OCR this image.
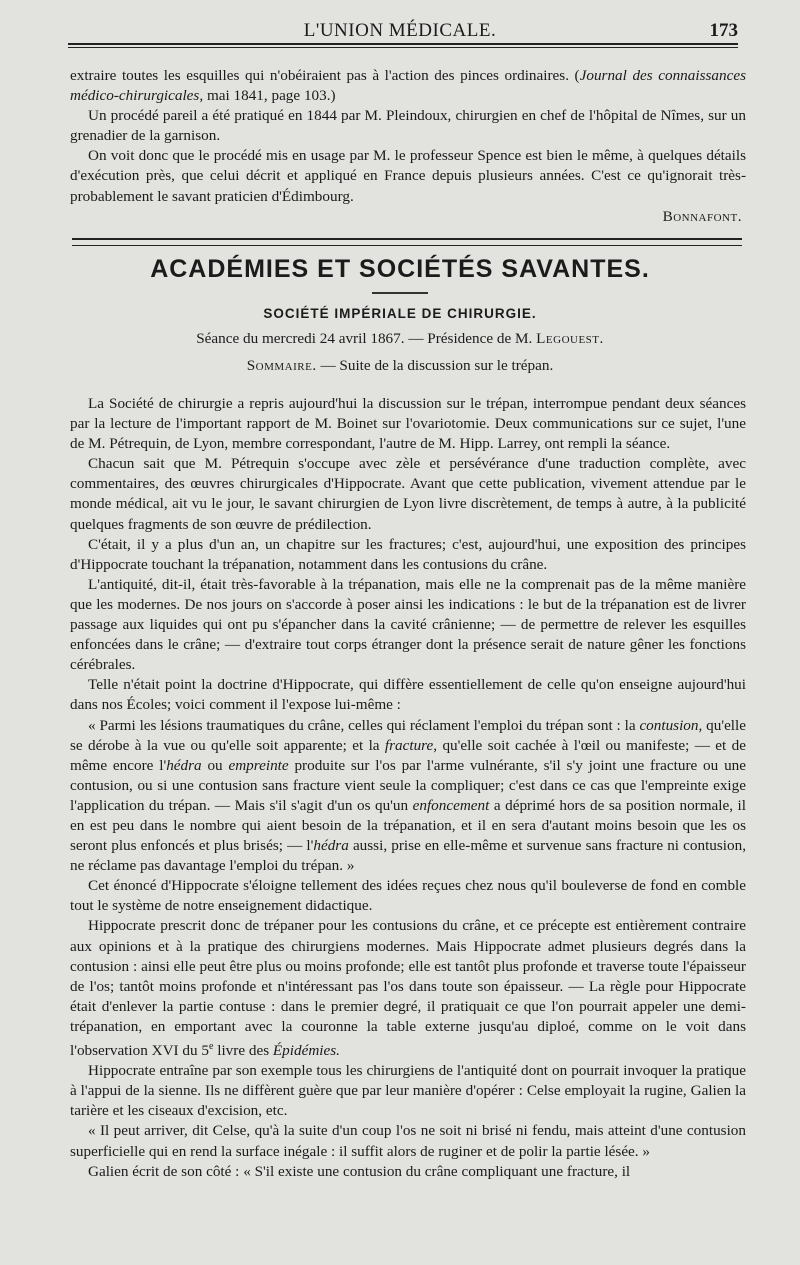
L'UNION MÉDICALE.	173

extraire toutes les esquilles qui n'obéiraient pas à l'action des pinces ordinaires. (Journal des connaissances médico-chirurgicales, mai 1841, page 103.)

Un procédé pareil a été pratiqué en 1844 par M. Pleindoux, chirurgien en chef de l'hôpital de Nîmes, sur un grenadier de la garnison.

On voit donc que le procédé mis en usage par M. le professeur Spence est bien le même, à quelques détails d'exécution près, que celui décrit et appliqué en France depuis plusieurs années. C'est ce qu'ignorait très-probablement le savant praticien d'Édimbourg.

Bonnafont.

ACADÉMIES ET SOCIÉTÉS SAVANTES.
SOCIÉTÉ IMPÉRIALE DE CHIRURGIE.
Séance du mercredi 24 avril 1867. — Présidence de M. Legouest.
Sommaire. — Suite de la discussion sur le trépan.

La Société de chirurgie a repris aujourd'hui la discussion sur le trépan, interrompue pendant deux séances par la lecture de l'important rapport de M. Boinet sur l'ovariotomie. Deux communications sur ce sujet, l'une de M. Pétrequin, de Lyon, membre correspondant, l'autre de M. Hipp. Larrey, ont rempli la séance.

Chacun sait que M. Pétrequin s'occupe avec zèle et persévérance d'une traduction complète, avec commentaires, des œuvres chirurgicales d'Hippocrate. Avant que cette publication, vivement attendue par le monde médical, ait vu le jour, le savant chirurgien de Lyon livre discrètement, de temps à autre, à la publicité quelques fragments de son œuvre de prédilection.

C'était, il y a plus d'un an, un chapitre sur les fractures; c'est, aujourd'hui, une exposition des principes d'Hippocrate touchant la trépanation, notamment dans les contusions du crâne.

L'antiquité, dit-il, était très-favorable à la trépanation, mais elle ne la comprenait pas de la même manière que les modernes. De nos jours on s'accorde à poser ainsi les indications : le but de la trépanation est de livrer passage aux liquides qui ont pu s'épancher dans la cavité crânienne; — de permettre de relever les esquilles enfoncées dans le crâne; — d'extraire tout corps étranger dont la présence serait de nature gêner les fonctions cérébrales.

Telle n'était point la doctrine d'Hippocrate, qui diffère essentiellement de celle qu'on enseigne aujourd'hui dans nos Écoles; voici comment il l'expose lui-même :

« Parmi les lésions traumatiques du crâne, celles qui réclament l'emploi du trépan sont : la contusion, qu'elle se dérobe à la vue ou qu'elle soit apparente; et la fracture, qu'elle soit cachée à l'œil ou manifeste; — et de même encore l'hédra ou empreinte produite sur l'os par l'arme vulnérante, s'il s'y joint une fracture ou une contusion, ou si une contusion sans fracture vient seule la compliquer; c'est dans ce cas que l'empreinte exige l'application du trépan. — Mais s'il s'agit d'un os qu'un enfoncement a déprimé hors de sa position normale, il en est peu dans le nombre qui aient besoin de la trépanation, et il en sera d'autant moins besoin que les os seront plus enfoncés et plus brisés; — l'hédra aussi, prise en elle-même et survenue sans fracture ni contusion, ne réclame pas davantage l'emploi du trépan. »

Cet énoncé d'Hippocrate s'éloigne tellement des idées reçues chez nous qu'il bouleverse de fond en comble tout le système de notre enseignement didactique.

Hippocrate prescrit donc de trépaner pour les contusions du crâne, et ce précepte est entièrement contraire aux opinions et à la pratique des chirurgiens modernes. Mais Hippocrate admet plusieurs degrés dans la contusion : ainsi elle peut être plus ou moins profonde; elle est tantôt plus profonde et traverse toute l'épaisseur de l'os; tantôt moins profonde et n'intéressant pas l'os dans toute son épaisseur. — La règle pour Hippocrate était d'enlever la partie contuse : dans le premier degré, il pratiquait ce que l'on pourrait appeler une demi-trépanation, en emportant avec la couronne la table externe jusqu'au diploé, comme on le voit dans l'observation XVI du 5e livre des Épidémies.

Hippocrate entraîne par son exemple tous les chirurgiens de l'antiquité dont on pourrait invoquer la pratique à l'appui de la sienne. Ils ne diffèrent guère que par leur manière d'opérer : Celse employait la rugine, Galien la tarière et les ciseaux d'excision, etc.

« Il peut arriver, dit Celse, qu'à la suite d'un coup l'os ne soit ni brisé ni fendu, mais atteint d'une contusion superficielle qui en rend la surface inégale : il suffit alors de ruginer et de polir la partie lésée. »

Galien écrit de son côté : « S'il existe une contusion du crâne compliquant une fracture, il
